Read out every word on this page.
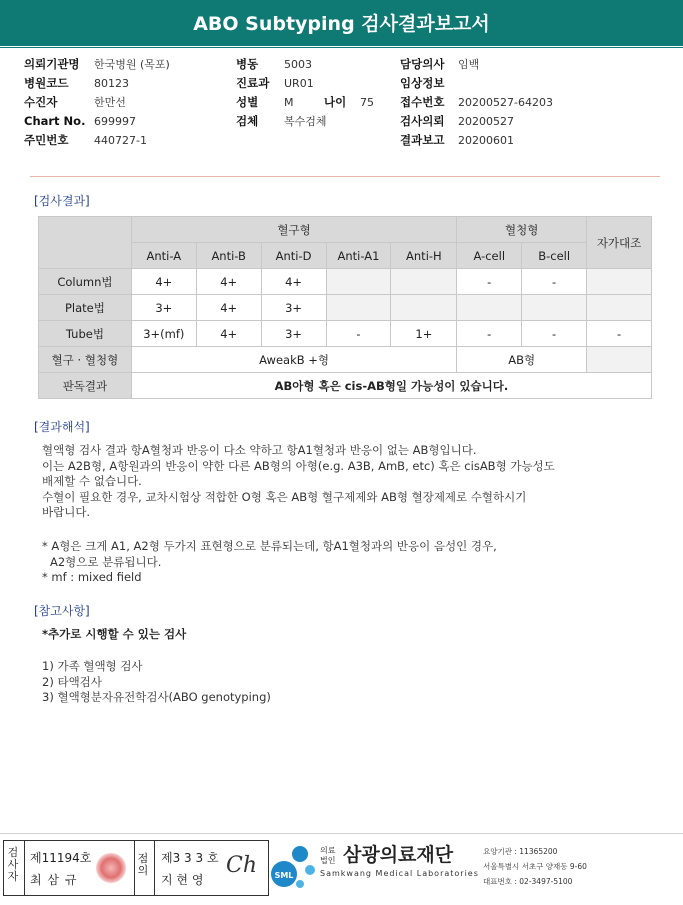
ABO Subtyping 검사결과보고서
의뢰기관명 한국병원 (목포)
병원코드 80123
수진자	한만선
Chart No. 699997
주민번호 440727-1
병동 5003
진료과 UR01
성별 M	나이 75
검체 복수검체
담당의사 임백
임상정보
접수번호 20200527-64203
검사의뢰 20200527
결과보고 20200601
[검사결과]
	혈구형					혈청형		자가대조
	Anti-A	Anti-B	Anti-D	Anti-A1	Anti-H	A-cell	B-cell	
Column법	4+	4+	4+			-	-	
Plate법	3+	4+	3+					
Tube법	3+(mf)	4+	3+	-	1+	-	-	-
혈구 · 혈청형	AweakB +형					AB형		
판독결과	AB아형 혹은 cis-AB형일 가능성이 있습니다.							
[결과해석]
혈액형 검사 결과 항A혈청과 반응이 다소 약하고 항A1혈청과 반응이 없는 AB형입니다.
이는 A2B형, A항원과의 반응이 약한 다른 AB형의 아형(e.g. A3B, AmB, etc) 혹은 cisAB형 가능성도
배제할 수 없습니다.
수혈이 필요한 경우, 교차시험상 적합한 O형 혹은 AB형 혈구제제와 AB형 혈장제제로 수혈하시기
바랍니다.
* A형은 크게 A1, A2형 두가지 표현형으로 분류되는데, 항A1혈청과의 반응이 음성인 경우,
A2형으로 분류됩니다.
* mf : mixed field
[참고사항]
*추가로 시행할 수 있는 검사
1) 가족 혈액형 검사
2) 타액검사
3) 혈액형분자유전학검사(ABO genotyping)
검
사
자
제11194호
최 삼 규
점
의
제3 3 3 호
지 현 영
Ch SML
의료
법인 삼광의료재단
Samkwang Medical Laboratories
요양기관 : 11365200
서울특별시 서초구 양재동 9-60
대표번호 : 02-3497-5100
